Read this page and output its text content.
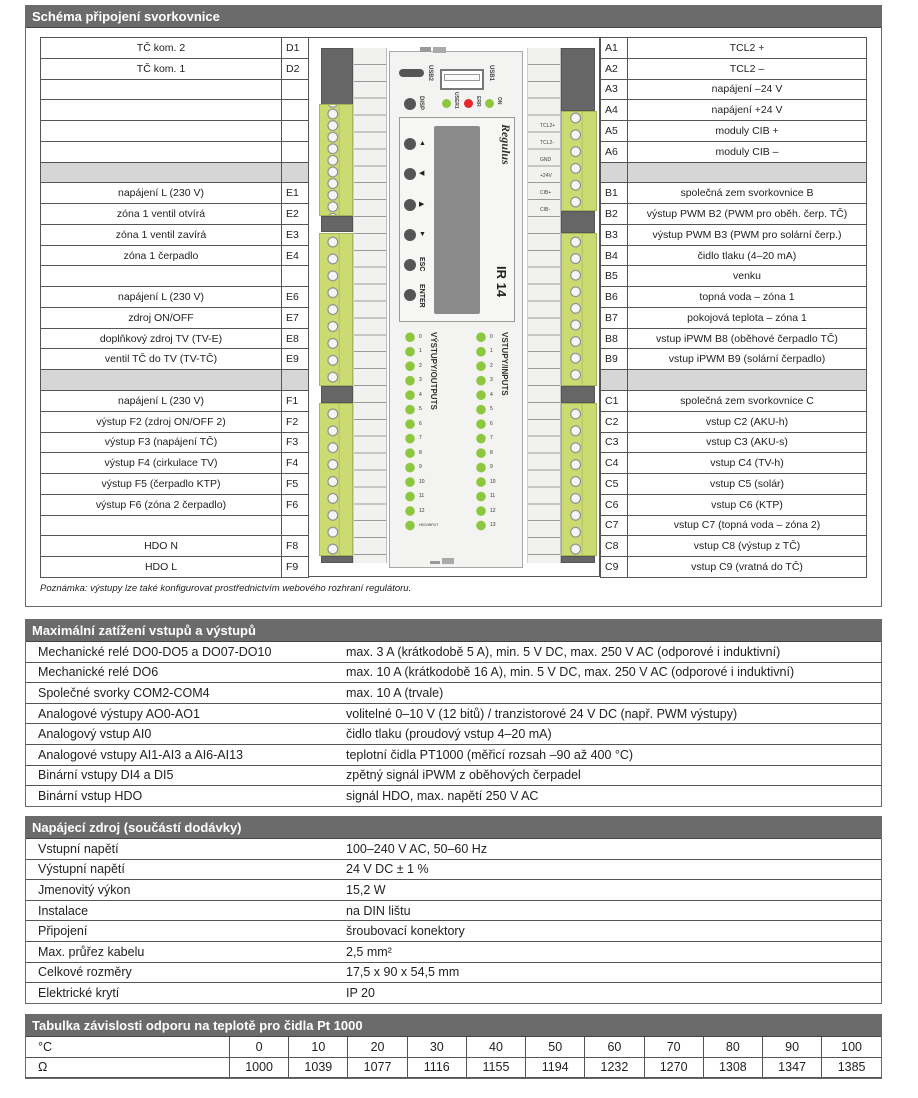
Schéma připojení svorkovnice
TČ kom. 2	D1
TČ kom. 1	D2

napájení L (230 V)	E1
zóna 1 ventil otvírá	E2
zóna 1 ventil zavírá	E3
zóna 1 čerpadlo	E4

napájení L (230 V)	E6
zdroj ON/OFF	E7
doplňkový zdroj TV (TV-E)	E8
ventil TČ do TV (TV-TČ)	E9

napájení L (230 V)	F1
výstup F2 (zdroj ON/OFF 2)	F2
výstup F3 (napájení TČ)	F3
výstup F4 (cirkulace TV)	F4
výstup F5 (čerpadlo KTP)	F5
výstup F6 (zóna 2 čerpadlo)	F6

HDO N	F8
HDO L	F9
TCL2+
TCL2-
GND
+24V
CIB+
CIB-
USB2	USB1
DISP	USER1	ERR	ON
Regulus
IR 14
▲
◀
▶
▼
ESC
ENTER
0
1
2
3
4
5
6
7
8
9
10
11
12
HDO/INPUT
VÝSTUPY/OUTPUTS	0
1
2
3
4
5
6
7
8
9
10
11
12
13
VSTUPY/INPUTS
A1	TCL2 +
A2	TCL2 –
A3	napájení –24 V
A4	napájení +24 V
A5	moduly CIB +
A6	moduly CIB –

B1	společná zem svorkovnice B
B2	výstup PWM B2 (PWM pro oběh. čerp. TČ)
B3	výstup PWM B3 (PWM pro solární čerp.)
B4	čidlo tlaku (4–20 mA)
B5	venku
B6	topná voda – zóna 1
B7	pokojová teplota – zóna 1
B8	vstup iPWM B8 (oběhové čerpadlo TČ)
B9	vstup iPWM B9 (solární čerpadlo)

C1	společná zem svorkovnice C
C2	vstup C2 (AKU-h)
C3	vstup C3 (AKU-s)
C4	vstup C4 (TV-h)
C5	vstup C5 (solár)
C6	vstup C6 (KTP)
C7	vstup C7 (topná voda – zóna 2)
C8	vstup C8 (výstup z TČ)
C9	vstup C9 (vratná do TČ)
Poznámka: výstupy lze také konfigurovat prostřednictvím webového rozhraní regulátoru.
Maximální zatížení vstupů a výstupů
Mechanické relé DO0-DO5 a DO07-DO10	max. 3 A (krátkodobě 5 A), min. 5 V DC, max. 250 V AC (odporové i induktivní)
Mechanické relé DO6	max. 10 A (krátkodobě 16 A), min. 5 V DC, max. 250 V AC (odporové i induktivní)
Společné svorky COM2-COM4	max. 10 A (trvale)
Analogové výstupy AO0-AO1	volitelné 0–10 V (12 bitů) / tranzistorové 24 V DC (např. PWM výstupy)
Analogový vstup AI0	čidlo tlaku (proudový vstup 4–20 mA)
Analogové vstupy AI1-AI3 a AI6-AI13	teplotní čidla PT1000 (měřicí rozsah –90 až 400 °C)
Binární vstupy DI4 a DI5	zpětný signál iPWM z oběhových čerpadel
Binární vstup HDO	signál HDO, max. napětí 250 V AC
Napájecí zdroj (součástí dodávky)
Vstupní napětí	100–240 V AC, 50–60 Hz
Výstupní napětí	24 V DC ± 1 %
Jmenovitý výkon	15,2 W
Instalace	na DIN lištu
Připojení	šroubovací konektory
Max. průřez kabelu	2,5 mm²
Celkové rozměry	17,5 x 90 x 54,5 mm
Elektrické krytí	IP 20
Tabulka závislosti odporu na teplotě pro čidla Pt 1000
°C	0	10	20	30	40	50	60	70	80	90	100
Ω	1000	1039	1077	1116	1155	1194	1232	1270	1308	1347	1385
